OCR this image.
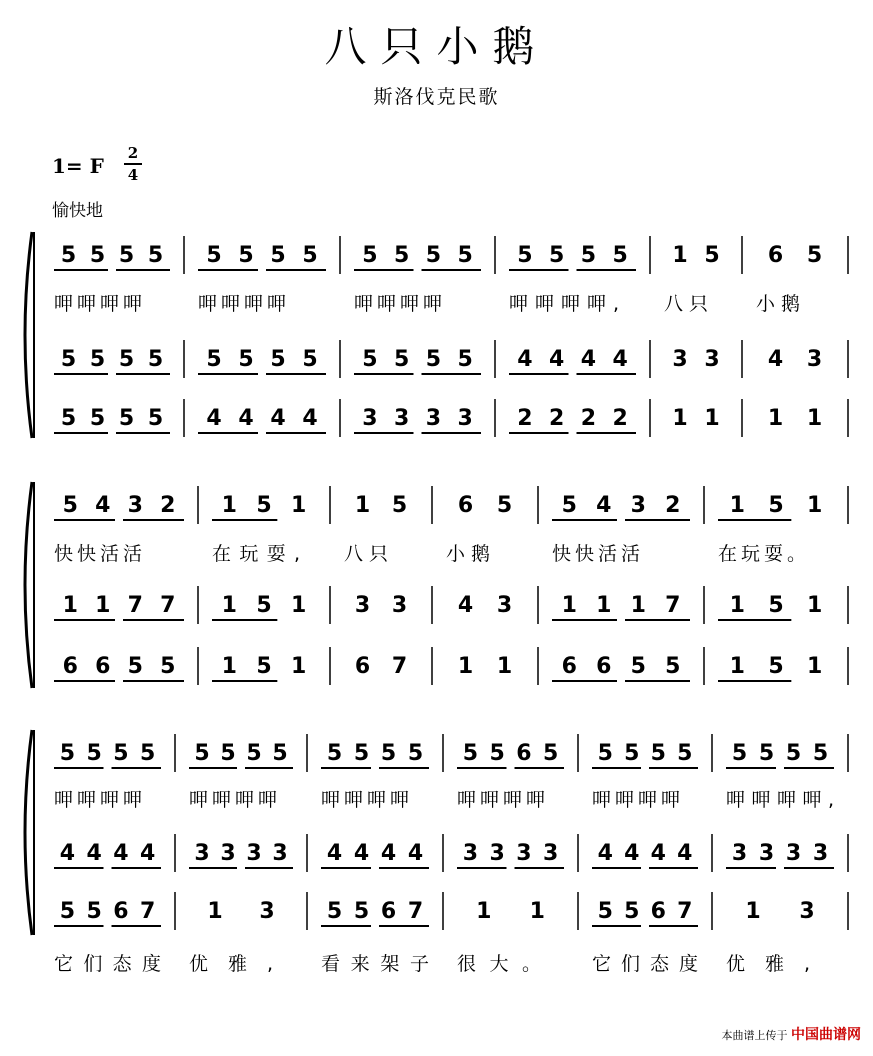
八只小鹅
斯洛伐克民歌
1= F
2
4
愉快地
5 5 5 5
5 5 5 5
5 5 5 5
呷呷呷呷
5 5 5 5
5 5 5 5
4 4 4 4
呷呷呷呷
5 5 5 5
5 5 5 5
3 3 3 3
呷呷呷呷
5 5 5 5
4 4 4 4
2 2 2 2
呷呷呷呷,
1 5
3 3
1 1
八只
6 5
4 3
1 1
小鹅
5 4 3 2
1 1 7 7
6 6 5 5
快快活活
1 5 1
1 5 1
1 5 1
在玩耍,
1 5
3 3
6 7
八只
6 5
4 3
1 1
小鹅
5 4 3 2
1 1 1 7
6 6 5 5
快快活活
1 5 1
1 5 1
1 5 1
在玩耍。
5 5 5 5
4 4 4 4
5 5 6 7
呷呷呷呷
它们态度
5 5 5 5
3 3 3 3
1 3
呷呷呷呷
优雅,
5 5 5 5
4 4 4 4
5 5 6 7
呷呷呷呷
看来架子
5 5 6 5
3 3 3 3
1 1
呷呷呷呷
很大。
5 5 5 5
4 4 4 4
5 5 6 7
呷呷呷呷
它们态度
5 5 5 5
3 3 3 3
1 3
呷呷呷呷,
优雅,
本曲谱上传于 中国曲谱网
